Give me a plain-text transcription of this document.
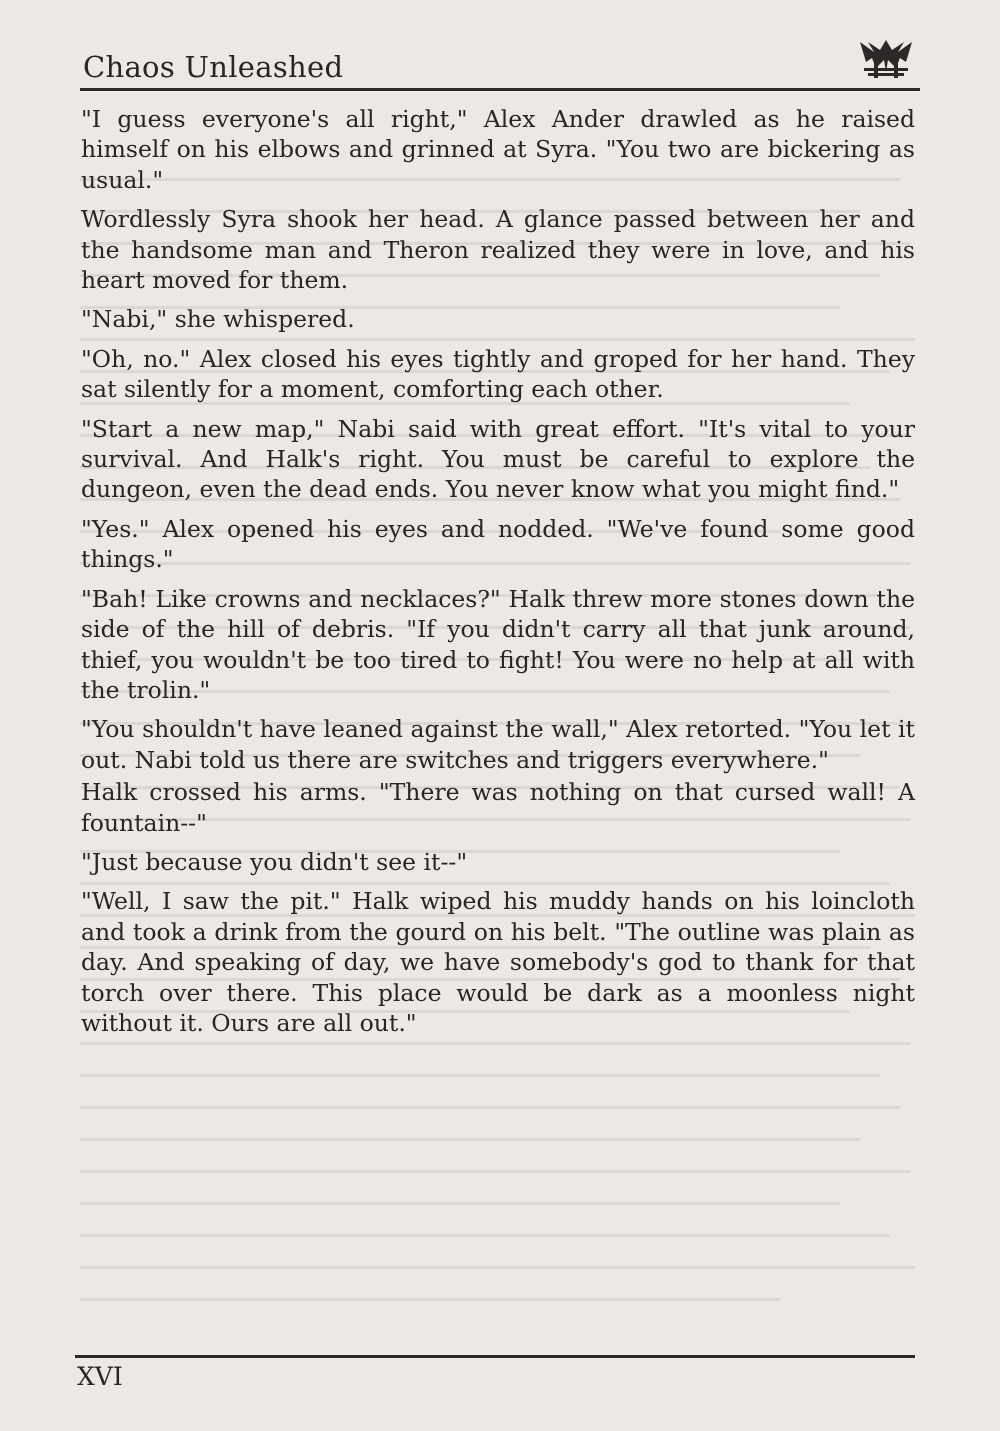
Chaos Unleashed

"I guess everyone's all right," Alex Ander drawled as he raised himself on his elbows and grinned at Syra. "You two are bickering as usual."

Wordlessly Syra shook her head. A glance passed between her and the handsome man and Theron realized they were in love, and his heart moved for them.

"Nabi," she whispered.

"Oh, no." Alex closed his eyes tightly and groped for her hand. They sat silently for a moment, comforting each other.

"Start a new map," Nabi said with great effort. "It's vital to your survival. And Halk's right. You must be careful to explore the dungeon, even the dead ends. You never know what you might find."

"Yes." Alex opened his eyes and nodded. "We've found some good things."

"Bah! Like crowns and necklaces?" Halk threw more stones down the side of the hill of debris. "If you didn't carry all that junk around, thief, you wouldn't be too tired to fight! You were no help at all with the trolin."

"You shouldn't have leaned against the wall," Alex retorted. "You let it out. Nabi told us there are switches and triggers everywhere."

Halk crossed his arms. "There was nothing on that cursed wall! A fountain--"

"Just because you didn't see it--"

"Well, I saw the pit." Halk wiped his muddy hands on his loincloth and took a drink from the gourd on his belt. "The outline was plain as day. And speaking of day, we have somebody's god to thank for that torch over there. This place would be dark as a moonless night without it. Ours are all out."

XVI
